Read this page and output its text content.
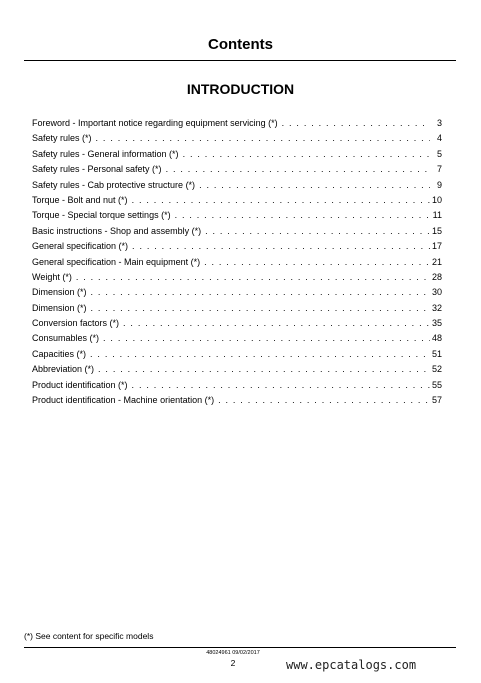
Contents
INTRODUCTION
Foreword - Important notice regarding equipment servicing (*) . . .	3
Safety rules (*) . . .	4
Safety rules - General information (*) . . .	5
Safety rules - Personal safety (*) . . .	7
Safety rules - Cab protective structure (*) . . .	9
Torque - Bolt and nut (*) . . .	10
Torque - Special torque settings (*) . . .	11
Basic instructions - Shop and assembly (*) . . .	15
General specification (*) . . .	17
General specification - Main equipment (*) . . .	21
Weight (*) . . .	28
Dimension (*) . . .	30
Dimension (*) . . .	32
Conversion factors (*) . . .	35
Consumables (*) . . .	48
Capacities (*) . . .	51
Abbreviation (*) . . .	52
Product identification (*) . . .	55
Product identification - Machine orientation (*) . . .	57
(*) See content for specific models
48024961 09/02/2017
2	www.epcatalogs.com
